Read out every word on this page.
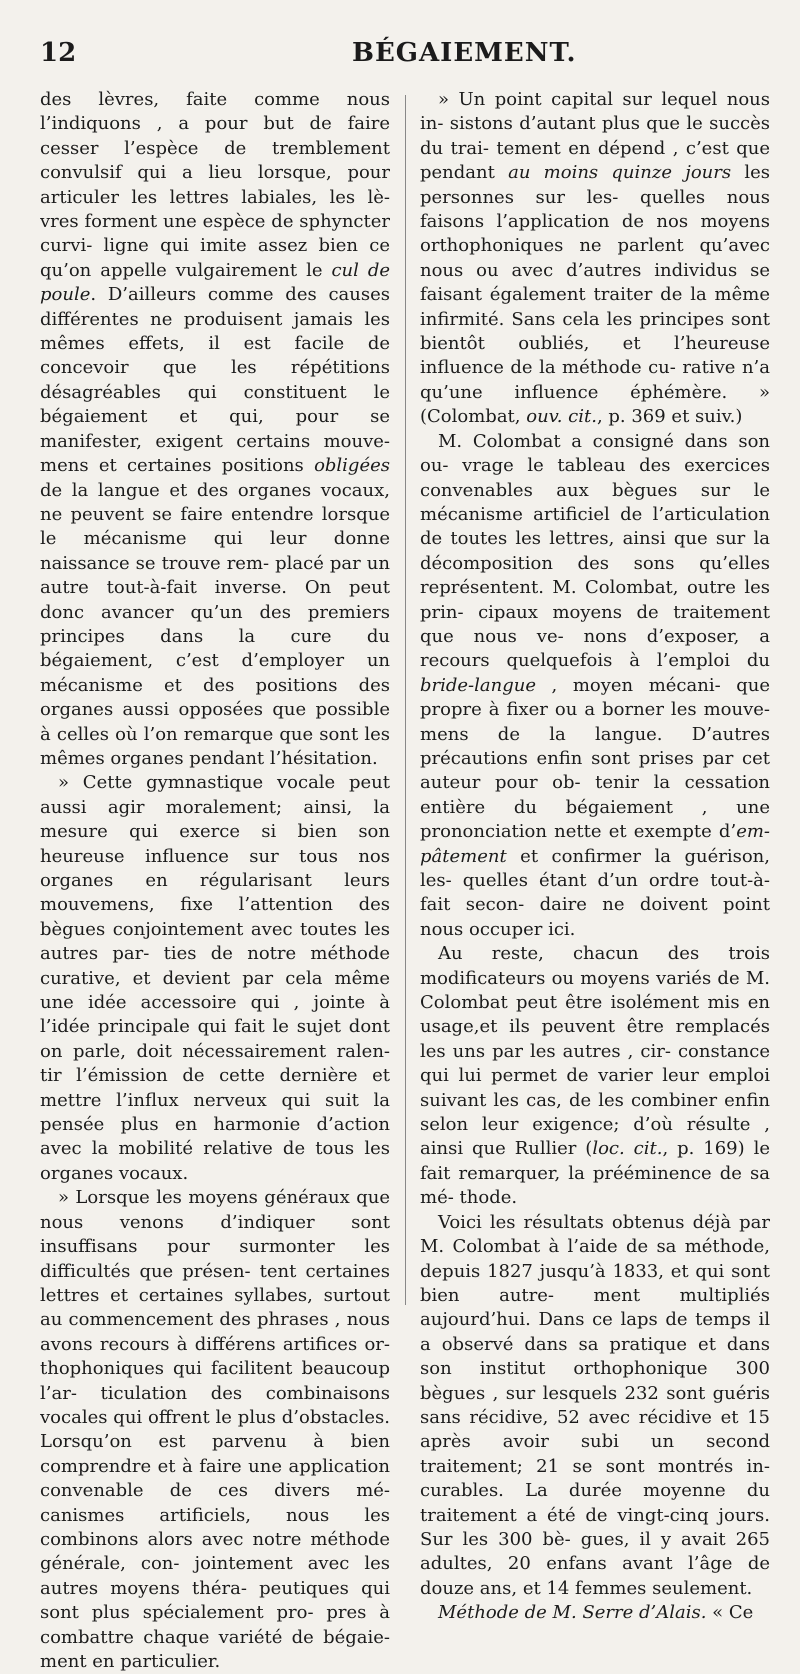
12	BÉGAIEMENT.

des lèvres, faite comme nous l’indiquons , a pour but de faire cesser l’espèce de tremblement convulsif qui a lieu lorsque, pour articuler les lettres labiales, les lè- vres forment une espèce de sphyncter curvi- ligne qui imite assez bien ce qu’on appelle vulgairement le cul de poule. D’ailleurs comme des causes différentes ne produisent jamais les mêmes effets, il est facile de concevoir que les répétitions désagréables qui constituent le bégaiement et qui, pour se manifester, exigent certains mouve- mens et certaines positions obligées de la langue et des organes vocaux, ne peuvent se faire entendre lorsque le mécanisme qui leur donne naissance se trouve rem- placé par un autre tout-à-fait inverse. On peut donc avancer qu’un des premiers principes dans la cure du bégaiement, c’est d’employer un mécanisme et des positions des organes aussi opposées que possible à celles où l’on remarque que sont les mêmes organes pendant l’hésitation.

» Cette gymnastique vocale peut aussi agir moralement; ainsi, la mesure qui exerce si bien son heureuse influence sur tous nos organes en régularisant leurs mouvemens, fixe l’attention des bègues conjointement avec toutes les autres par- ties de notre méthode curative, et devient par cela même une idée accessoire qui , jointe à l’idée principale qui fait le sujet dont on parle, doit nécessairement ralen- tir l’émission de cette dernière et mettre l’influx nerveux qui suit la pensée plus en harmonie d’action avec la mobilité relative de tous les organes vocaux.

» Lorsque les moyens généraux que nous venons d’indiquer sont insuffisans pour surmonter les difficultés que présen- tent certaines lettres et certaines syllabes, surtout au commencement des phrases , nous avons recours à différens artifices or- thophoniques qui facilitent beaucoup l’ar- ticulation des combinaisons vocales qui offrent le plus d’obstacles. Lorsqu’on est parvenu à bien comprendre et à faire une application convenable de ces divers mé- canismes artificiels, nous les combinons alors avec notre méthode générale, con- jointement avec les autres moyens théra- peutiques qui sont plus spécialement pro- pres à combattre chaque variété de bégaie- ment en particulier.

» Un point capital sur lequel nous in- sistons d’autant plus que le succès du trai- tement en dépend , c’est que pendant au moins quinze jours les personnes sur les- quelles nous faisons l’application de nos moyens orthophoniques ne parlent qu’avec nous ou avec d’autres individus se faisant également traiter de la même infirmité. Sans cela les principes sont bientôt oubliés, et l’heureuse influence de la méthode cu- rative n’a qu’une influence éphémère. » (Colombat, ouv. cit., p. 369 et suiv.)

M. Colombat a consigné dans son ou- vrage le tableau des exercices convenables aux bègues sur le mécanisme artificiel de l’articulation de toutes les lettres, ainsi que sur la décomposition des sons qu’elles représentent. M. Colombat, outre les prin- cipaux moyens de traitement que nous ve- nons d’exposer, a recours quelquefois à l’emploi du bride-langue , moyen mécani- que propre à fixer ou a borner les mouve- mens de la langue. D’autres précautions enfin sont prises par cet auteur pour ob- tenir la cessation entière du bégaiement , une prononciation nette et exempte d’em- pâtement et confirmer la guérison, les- quelles étant d’un ordre tout-à-fait secon- daire ne doivent point nous occuper ici.

Au reste, chacun des trois modificateurs ou moyens variés de M. Colombat peut être isolément mis en usage,et ils peuvent être remplacés les uns par les autres , cir- constance qui lui permet de varier leur emploi suivant les cas, de les combiner enfin selon leur exigence; d’où résulte , ainsi que Rullier (loc. cit., p. 169) le fait remarquer, la prééminence de sa mé- thode.

Voici les résultats obtenus déjà par M. Colombat à l’aide de sa méthode, depuis 1827 jusqu’à 1833, et qui sont bien autre- ment multipliés aujourd’hui. Dans ce laps de temps il a observé dans sa pratique et dans son institut orthophonique 300 bègues , sur lesquels 232 sont guéris sans récidive, 52 avec récidive et 15 après avoir subi un second traitement; 21 se sont montrés in- curables. La durée moyenne du traitement a été de vingt-cinq jours. Sur les 300 bè- gues, il y avait 265 adultes, 20 enfans avant l’âge de douze ans, et 14 femmes seulement.

Méthode de M. Serre d’Alais. « Ce
